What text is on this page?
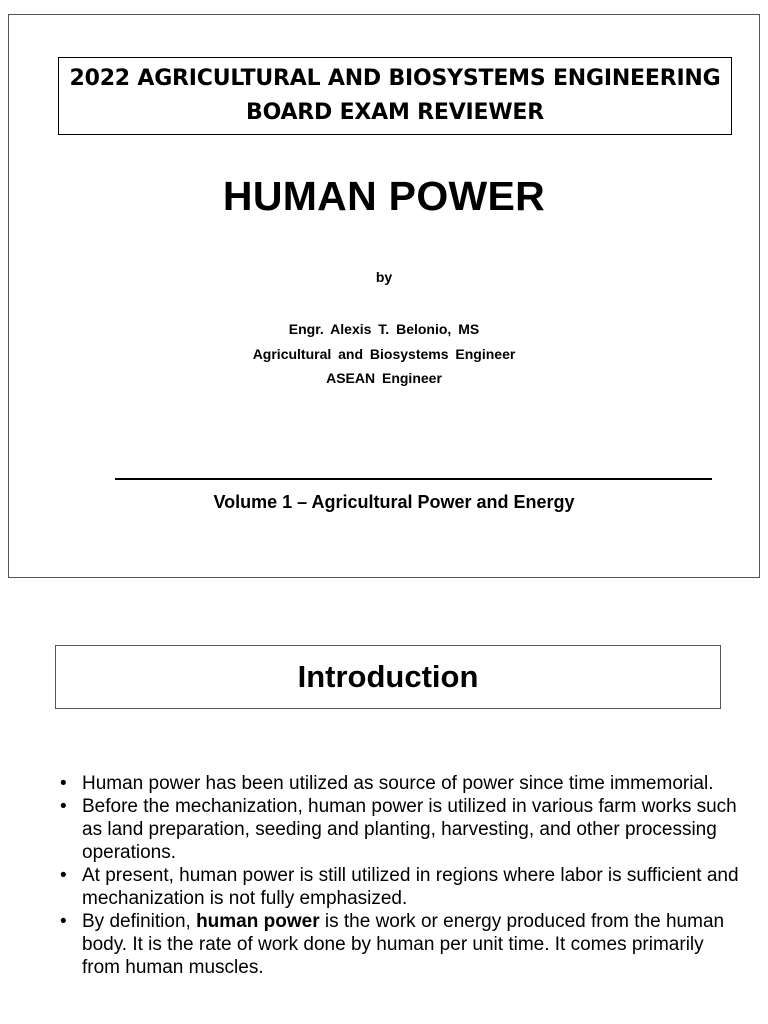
2022 AGRICULTURAL AND BIOSYSTEMS ENGINEERING
BOARD EXAM REVIEWER
HUMAN POWER
by
Engr. Alexis T. Belonio, MS
Agricultural and Biosystems Engineer
ASEAN Engineer
Volume 1 – Agricultural Power and Energy
Introduction
• Human power has been utilized as source of power since time immemorial.
• Before the mechanization, human power is utilized in various farm works such as land preparation, seeding and planting, harvesting, and other processing operations.
• At present, human power is still utilized in regions where labor is sufficient and mechanization is not fully emphasized.
• By definition, human power is the work or energy produced from the human body. It is the rate of work done by human per unit time. It comes primarily from human muscles.
